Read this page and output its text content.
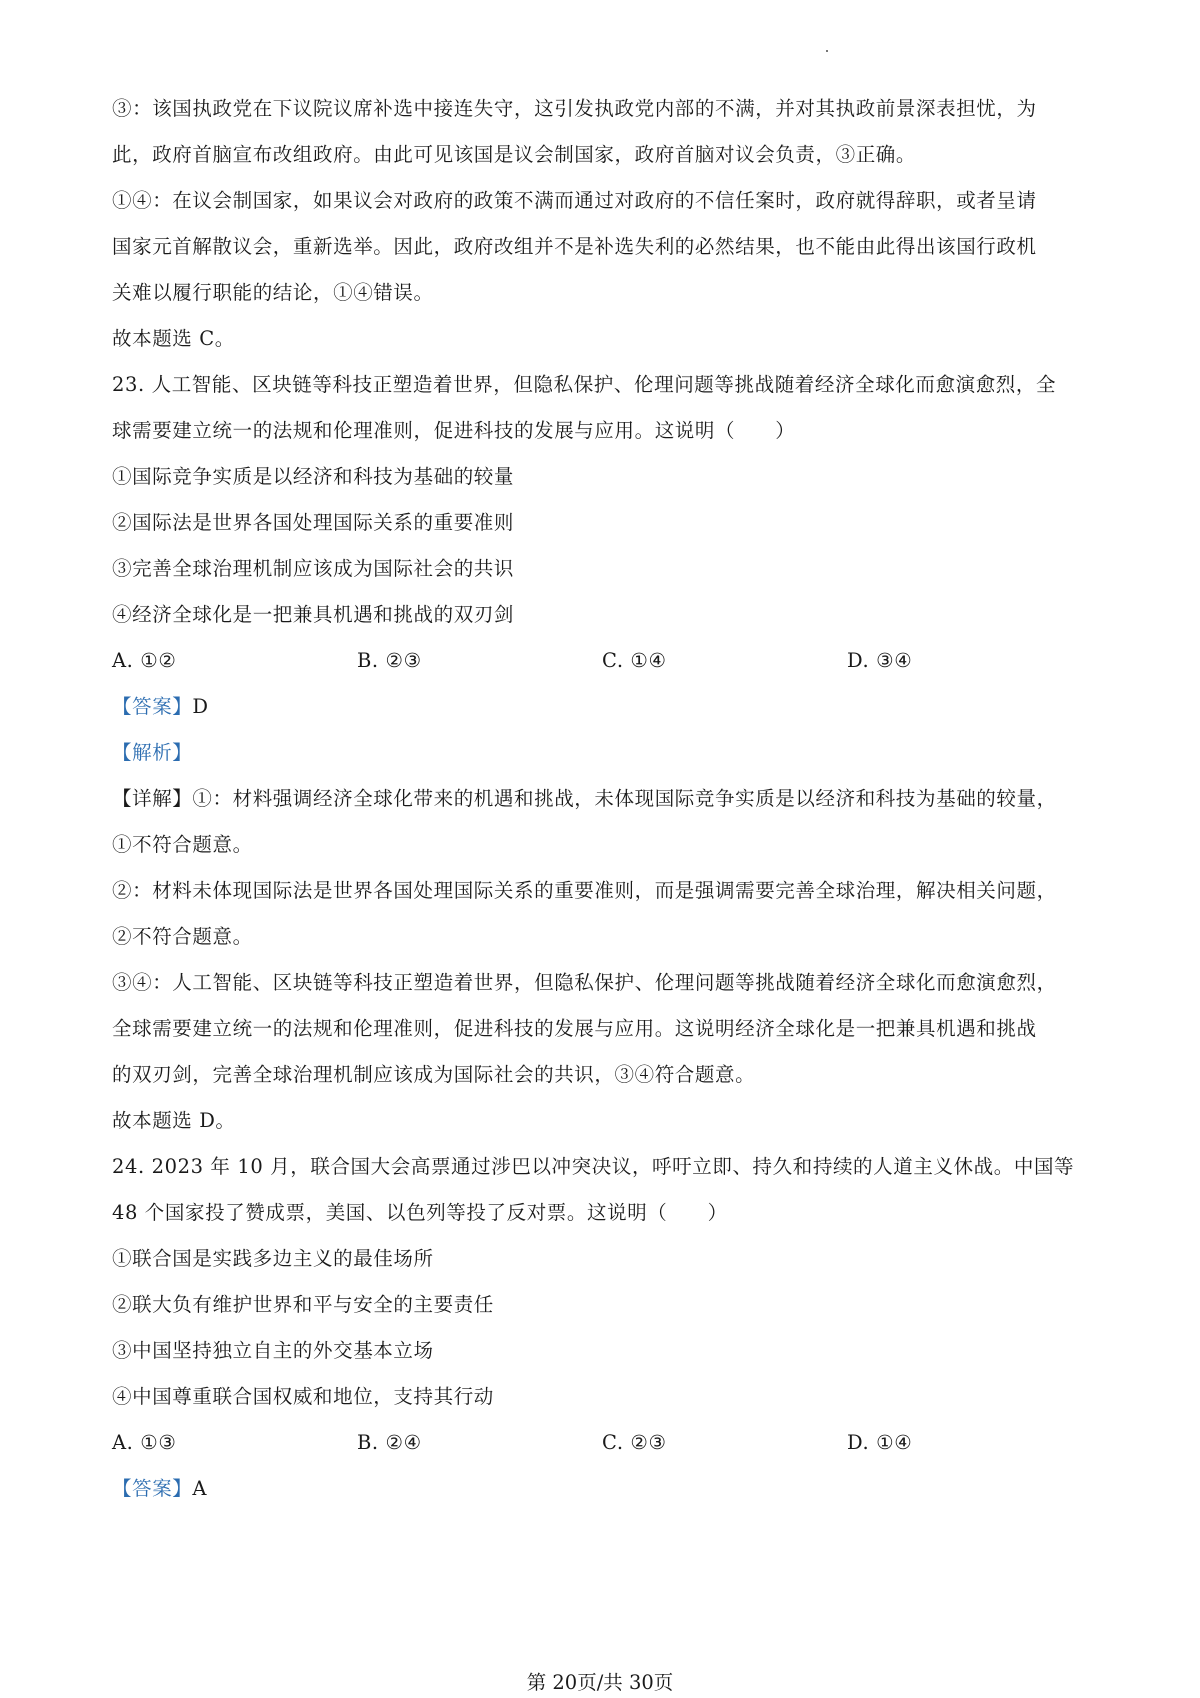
③：该国执政党在下议院议席补选中接连失守，这引发执政党内部的不满，并对其执政前景深表担忧，为
此，政府首脑宣布改组政府。由此可见该国是议会制国家，政府首脑对议会负责，③正确。
①④：在议会制国家，如果议会对政府的政策不满而通过对政府的不信任案时，政府就得辞职，或者呈请
国家元首解散议会，重新选举。因此，政府改组并不是补选失利的必然结果，也不能由此得出该国行政机
关难以履行职能的结论，①④错误。
故本题选 C。
23. 人工智能、区块链等科技正塑造着世界，但隐私保护、伦理问题等挑战随着经济全球化而愈演愈烈，全
球需要建立统一的法规和伦理准则，促进科技的发展与应用。这说明（　　）
①国际竞争实质是以经济和科技为基础的较量
②国际法是世界各国处理国际关系的重要准则
③完善全球治理机制应该成为国际社会的共识
④经济全球化是一把兼具机遇和挑战的双刃剑
A. ①②	B. ②③	C. ①④	D. ③④
【答案】D
【解析】
【详解】①：材料强调经济全球化带来的机遇和挑战，未体现国际竞争实质是以经济和科技为基础的较量，
①不符合题意。
②：材料未体现国际法是世界各国处理国际关系的重要准则，而是强调需要完善全球治理，解决相关问题，
②不符合题意。
③④：人工智能、区块链等科技正塑造着世界，但隐私保护、伦理问题等挑战随着经济全球化而愈演愈烈，
全球需要建立统一的法规和伦理准则，促进科技的发展与应用。这说明经济全球化是一把兼具机遇和挑战
的双刃剑，完善全球治理机制应该成为国际社会的共识，③④符合题意。
故本题选 D。
24. 2023 年 10 月，联合国大会高票通过涉巴以冲突决议，呼吁立即、持久和持续的人道主义休战。中国等
48 个国家投了赞成票，美国、以色列等投了反对票。这说明（　　）
①联合国是实践多边主义的最佳场所
②联大负有维护世界和平与安全的主要责任
③中国坚持独立自主的外交基本立场
④中国尊重联合国权威和地位，支持其行动
A. ①③	B. ②④	C. ②③	D. ①④
【答案】A
第 20页/共 30页
